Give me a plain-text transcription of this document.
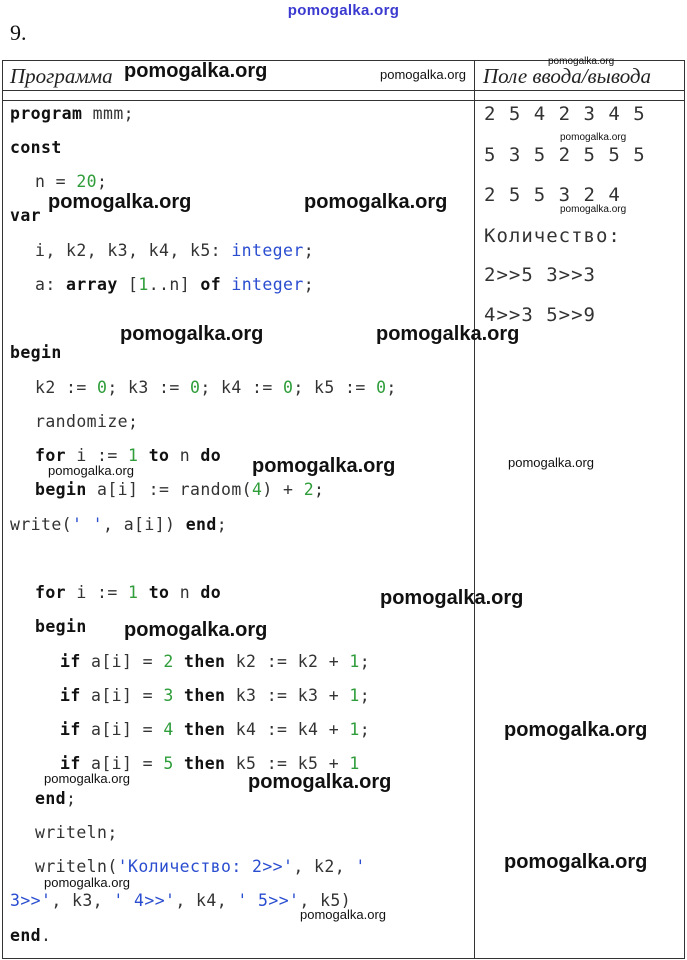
pomogalka.org
9.
Программа	Поле ввода/вывода
program mmm;
const
n = 20;
var
i, k2, k3, k4, k5: integer;
a: array [1..n] of integer;
begin
k2 := 0; k3 := 0; k4 := 0; k5 := 0;
randomize;
for i := 1 to n do
begin a[i] := random(4) + 2;
write(' ', a[i]) end;
for i := 1 to n do
begin
if a[i] = 2 then k2 := k2 + 1;
if a[i] = 3 then k3 := k3 + 1;
if a[i] = 4 then k4 := k4 + 1;
if a[i] = 5 then k5 := k5 + 1
end;
writeln;
writeln('Количество: 2>>', k2, '
3>>', k3, ' 4>>', k4, ' 5>>', k5)
end.
2 5 4 2 3 4 5
5 3 5 2 5 5 5
2 5 5 3 2 4
Количество:
2>>5 3>>3
4>>3 5>>9
pomogalka.org	pomogalka.org
pomogalka.org
pomogalka.org
pomogalka.org
pomogalka.org	pomogalka.org
pomogalka.org	pomogalka.org
pomogalka.org	pomogalka.org	pomogalka.org
pomogalka.org
pomogalka.org
pomogalka.org
pomogalka.org	pomogalka.org
pomogalka.org
pomogalka.org
pomogalka.org
